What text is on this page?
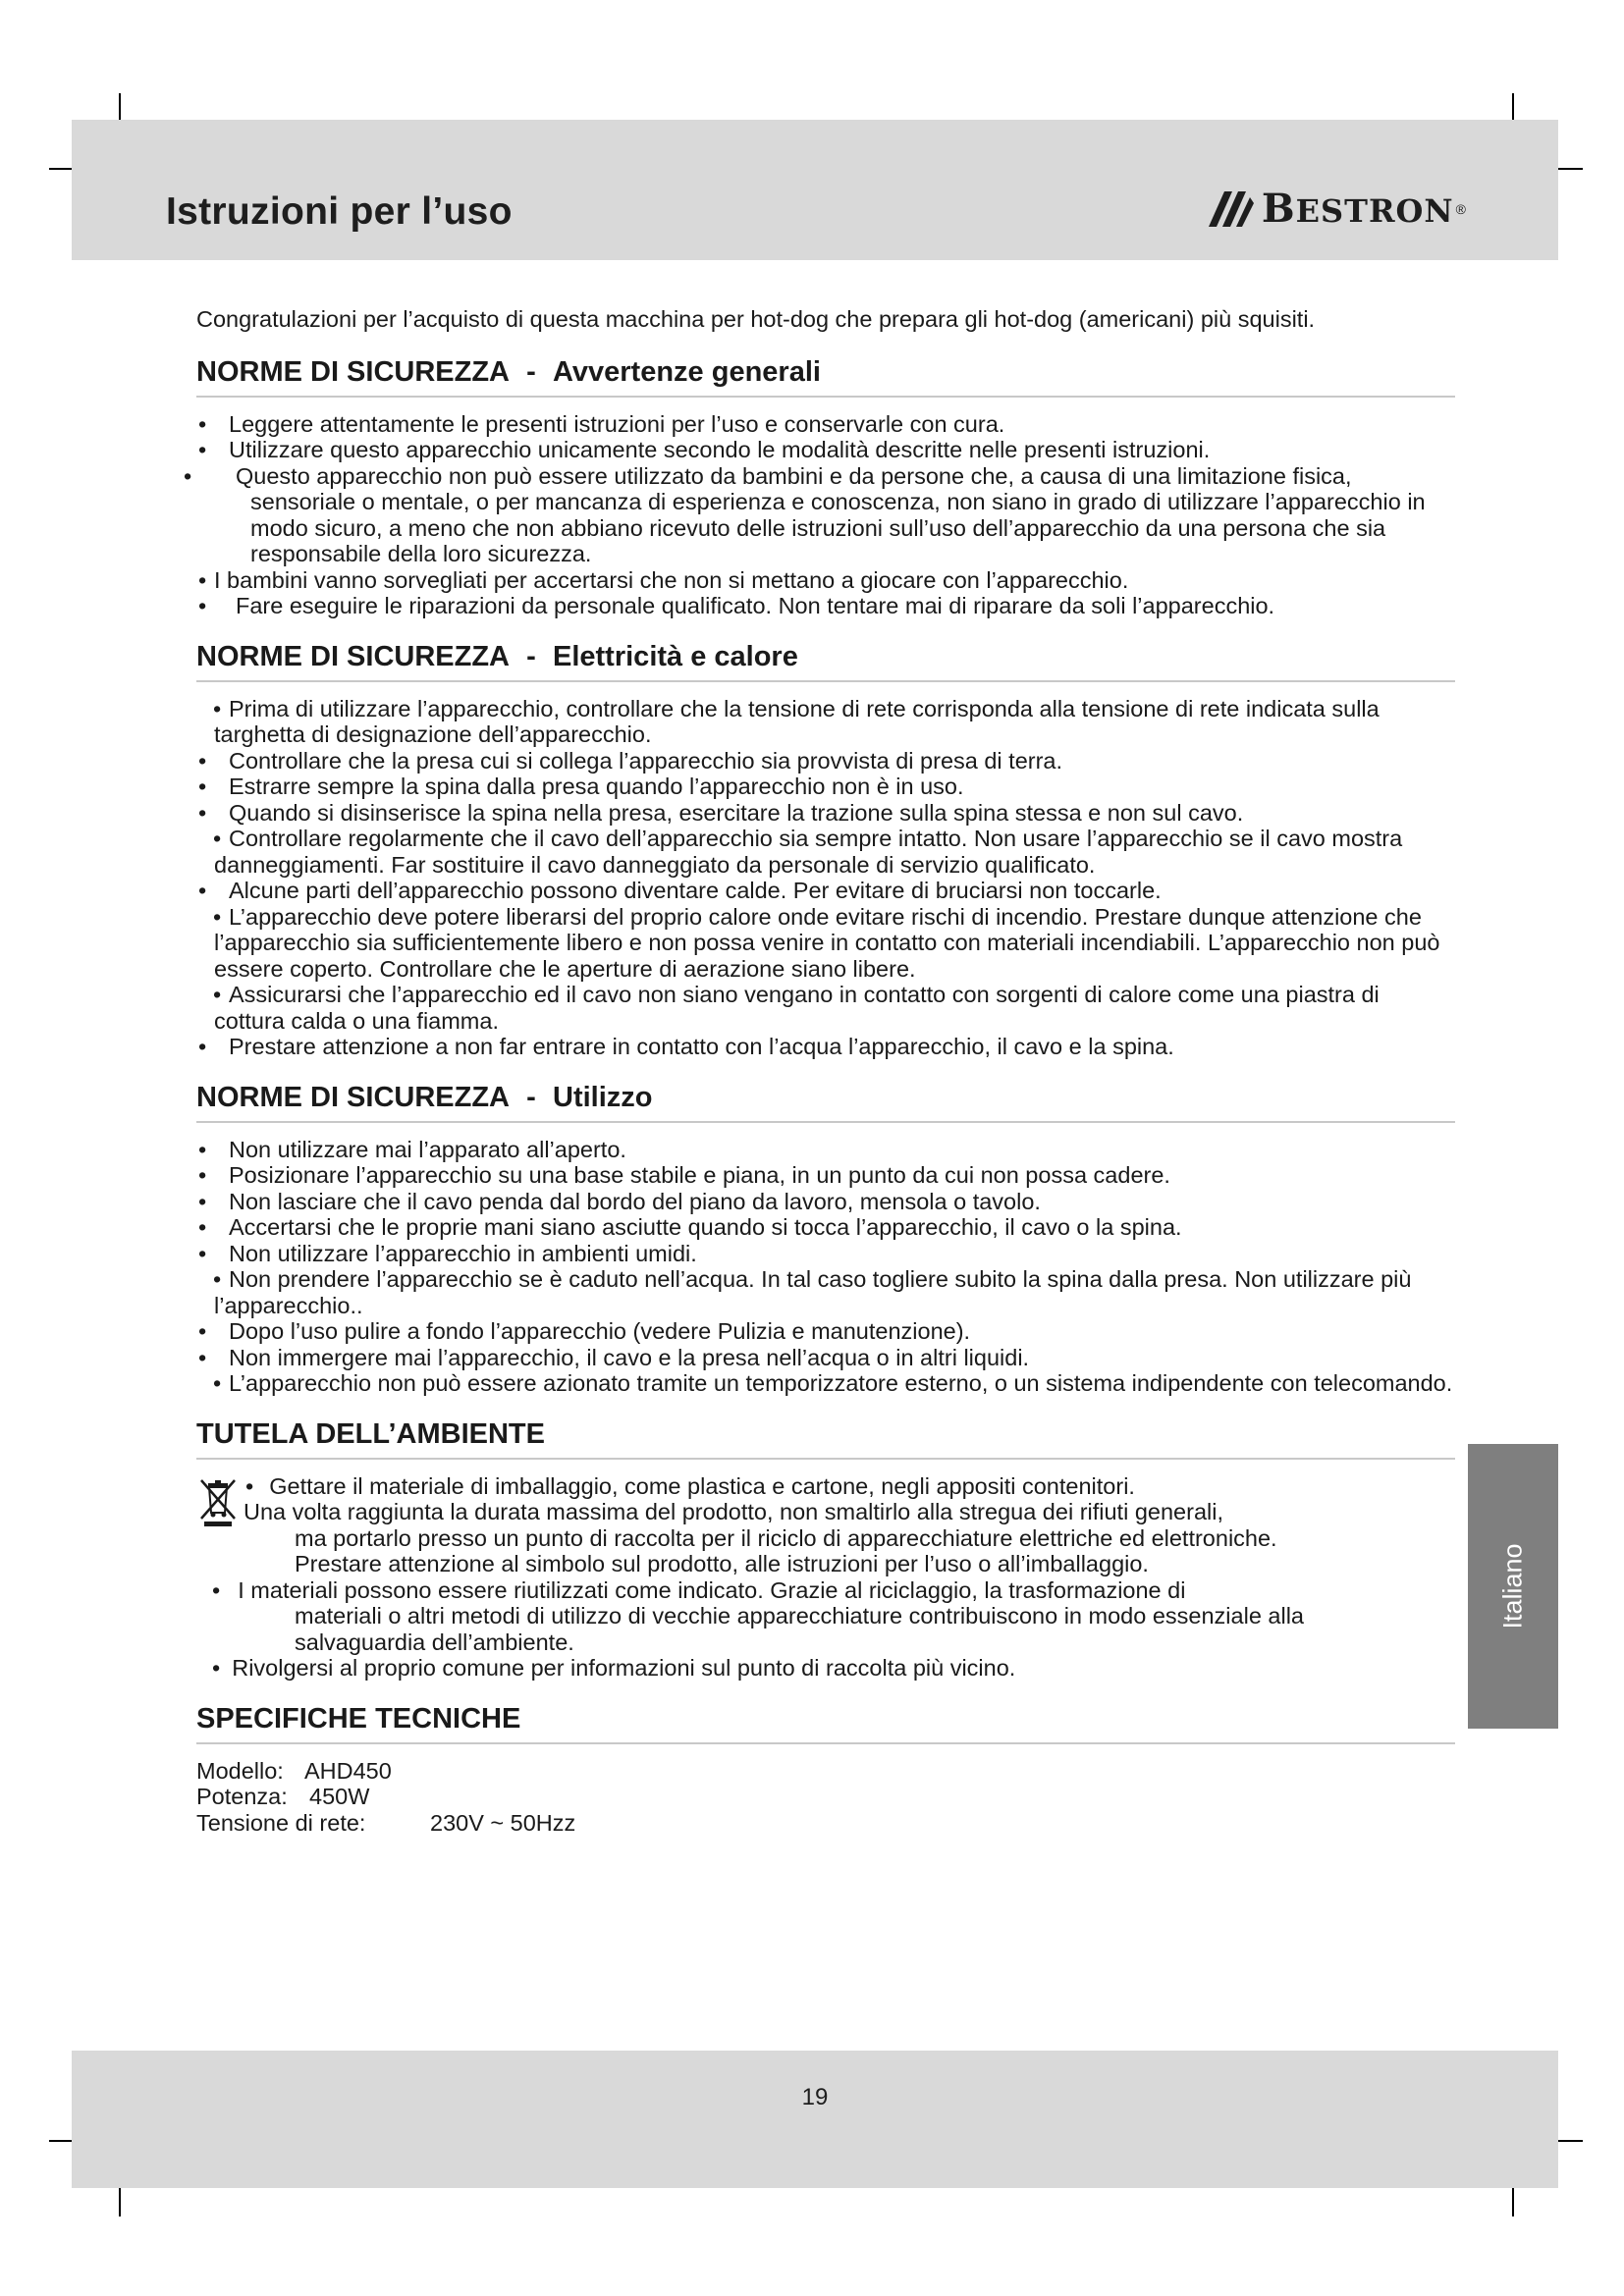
Istruzioni per l’uso	BESTRON ®

Congratulazioni per l’acquisto di questa macchina per hot-dog che prepara gli hot-dog (americani) più squisiti.

NORME DI SICUREZZA - Avvertenze generali
• Leggere attentamente le presenti istruzioni per l’uso e conservarle con cura.
• Utilizzare questo apparecchio unicamente secondo le modalità descritte nelle presenti istruzioni.
• Questo apparecchio non può essere utilizzato da bambini e da persone che, a causa di una limitazione fisica, sensoriale o mentale, o per mancanza di esperienza e conoscenza, non siano in grado di utilizzare l’apparecchio in modo sicuro, a meno che non abbiano ricevuto delle istruzioni sull’uso dell’apparecchio da una persona che sia responsabile della loro sicurezza.
• I bambini vanno sorvegliati per accertarsi che non si mettano a giocare con l’apparecchio.
• Fare eseguire le riparazioni da personale qualificato. Non tentare mai di riparare da soli l’apparecchio.
NORME DI SICUREZZA - Elettricità e calore
• Prima di utilizzare l’apparecchio, controllare che la tensione di rete corrisponda alla tensione di rete indicata sulla targhetta di designazione dell’apparecchio.
• Controllare che la presa cui si collega l’apparecchio sia provvista di presa di terra.
• Estrarre sempre la spina dalla presa quando l’apparecchio non è in uso.
• Quando si disinserisce la spina nella presa, esercitare la trazione sulla spina stessa e non sul cavo.
• Controllare regolarmente che il cavo dell’apparecchio sia sempre intatto. Non usare l’apparecchio se il cavo mostra danneggiamenti. Far sostituire il cavo danneggiato da personale di servizio qualificato.
• Alcune parti dell’apparecchio possono diventare calde. Per evitare di bruciarsi non toccarle.
• L’apparecchio deve potere liberarsi del proprio calore onde evitare rischi di incendio. Prestare dunque attenzione che l’apparecchio sia sufficientemente libero e non possa venire in contatto con materiali incendiabili. L’apparecchio non può essere coperto. Controllare che le aperture di aerazione siano libere.
• Assicurarsi che l’apparecchio ed il cavo non siano vengano in contatto con sorgenti di calore come una piastra di cottura calda o una fiamma.
• Prestare attenzione a non far entrare in contatto con l’acqua l’apparecchio, il cavo e la spina.
NORME DI SICUREZZA - Utilizzo
• Non utilizzare mai l’apparato all’aperto.
• Posizionare l’apparecchio su una base stabile e piana, in un punto da cui non possa cadere.
• Non lasciare che il cavo penda dal bordo del piano da lavoro, mensola o tavolo.
• Accertarsi che le proprie mani siano asciutte quando si tocca l’apparecchio, il cavo o la spina.
• Non utilizzare l’apparecchio in ambienti umidi.
• Non prendere l’apparecchio se è caduto nell’acqua. In tal caso togliere subito la spina dalla presa. Non utilizzare più l’apparecchio..
• Dopo l’uso pulire a fondo l’apparecchio (vedere Pulizia e manutenzione).
• Non immergere mai l’apparecchio, il cavo e la presa nell’acqua o in altri liquidi.
• L’apparecchio non può essere azionato tramite un temporizzatore esterno, o un sistema indipendente con telecomando.
TUTELA DELL’AMBIENTE
• Gettare il materiale di imballaggio, come plastica e cartone, negli appositi contenitori.
Una volta raggiunta la durata massima del prodotto, non smaltirlo alla stregua dei rifiuti generali,
ma portarlo presso un punto di raccolta per il riciclo di apparecchiature elettriche ed elettroniche.
Prestare attenzione al simbolo sul prodotto, alle istruzioni per l’uso o all’imballaggio.
• I materiali possono essere riutilizzati come indicato. Grazie al riciclaggio, la trasformazione di
materiali o altri metodi di utilizzo di vecchie apparecchiature contribuiscono in modo essenziale alla
salvaguardia dell’ambiente.
• Rivolgersi al proprio comune per informazioni sul punto di raccolta più vicino.
SPECIFICHE TECNICHE
Modello: AHD450
Potenza: 450W
Tensione di rete:	230V ~ 50Hzz
Italiano
19
